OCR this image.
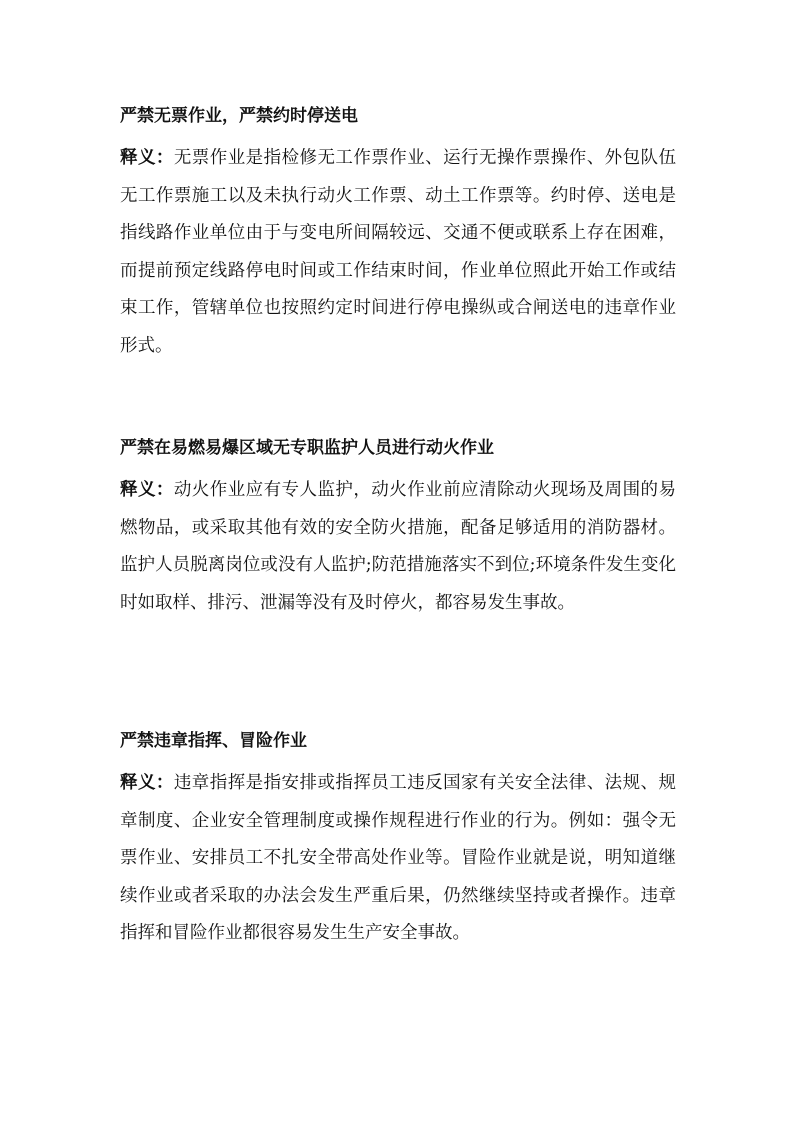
严禁无票作业，严禁约时停送电

释义：无票作业是指检修无工作票作业、运行无操作票操作、外包队伍无工作票施工以及未执行动火工作票、动土工作票等。约时停、送电是指线路作业单位由于与变电所间隔较远、交通不便或联系上存在困难，而提前预定线路停电时间或工作结束时间，作业单位照此开始工作或结束工作，管辖单位也按照约定时间进行停电操纵或合闸送电的违章作业形式。

严禁在易燃易爆区域无专职监护人员进行动火作业

释义：动火作业应有专人监护，动火作业前应清除动火现场及周围的易燃物品，或采取其他有效的安全防火措施，配备足够适用的消防器材。监护人员脱离岗位或没有人监护;防范措施落实不到位;环境条件发生变化时如取样、排污、泄漏等没有及时停火，都容易发生事故。

严禁违章指挥、冒险作业

释义：违章指挥是指安排或指挥员工违反国家有关安全法律、法规、规章制度、企业安全管理制度或操作规程进行作业的行为。例如：强令无票作业、安排员工不扎安全带高处作业等。冒险作业就是说，明知道继续作业或者采取的办法会发生严重后果，仍然继续坚持或者操作。违章指挥和冒险作业都很容易发生生产安全事故。
